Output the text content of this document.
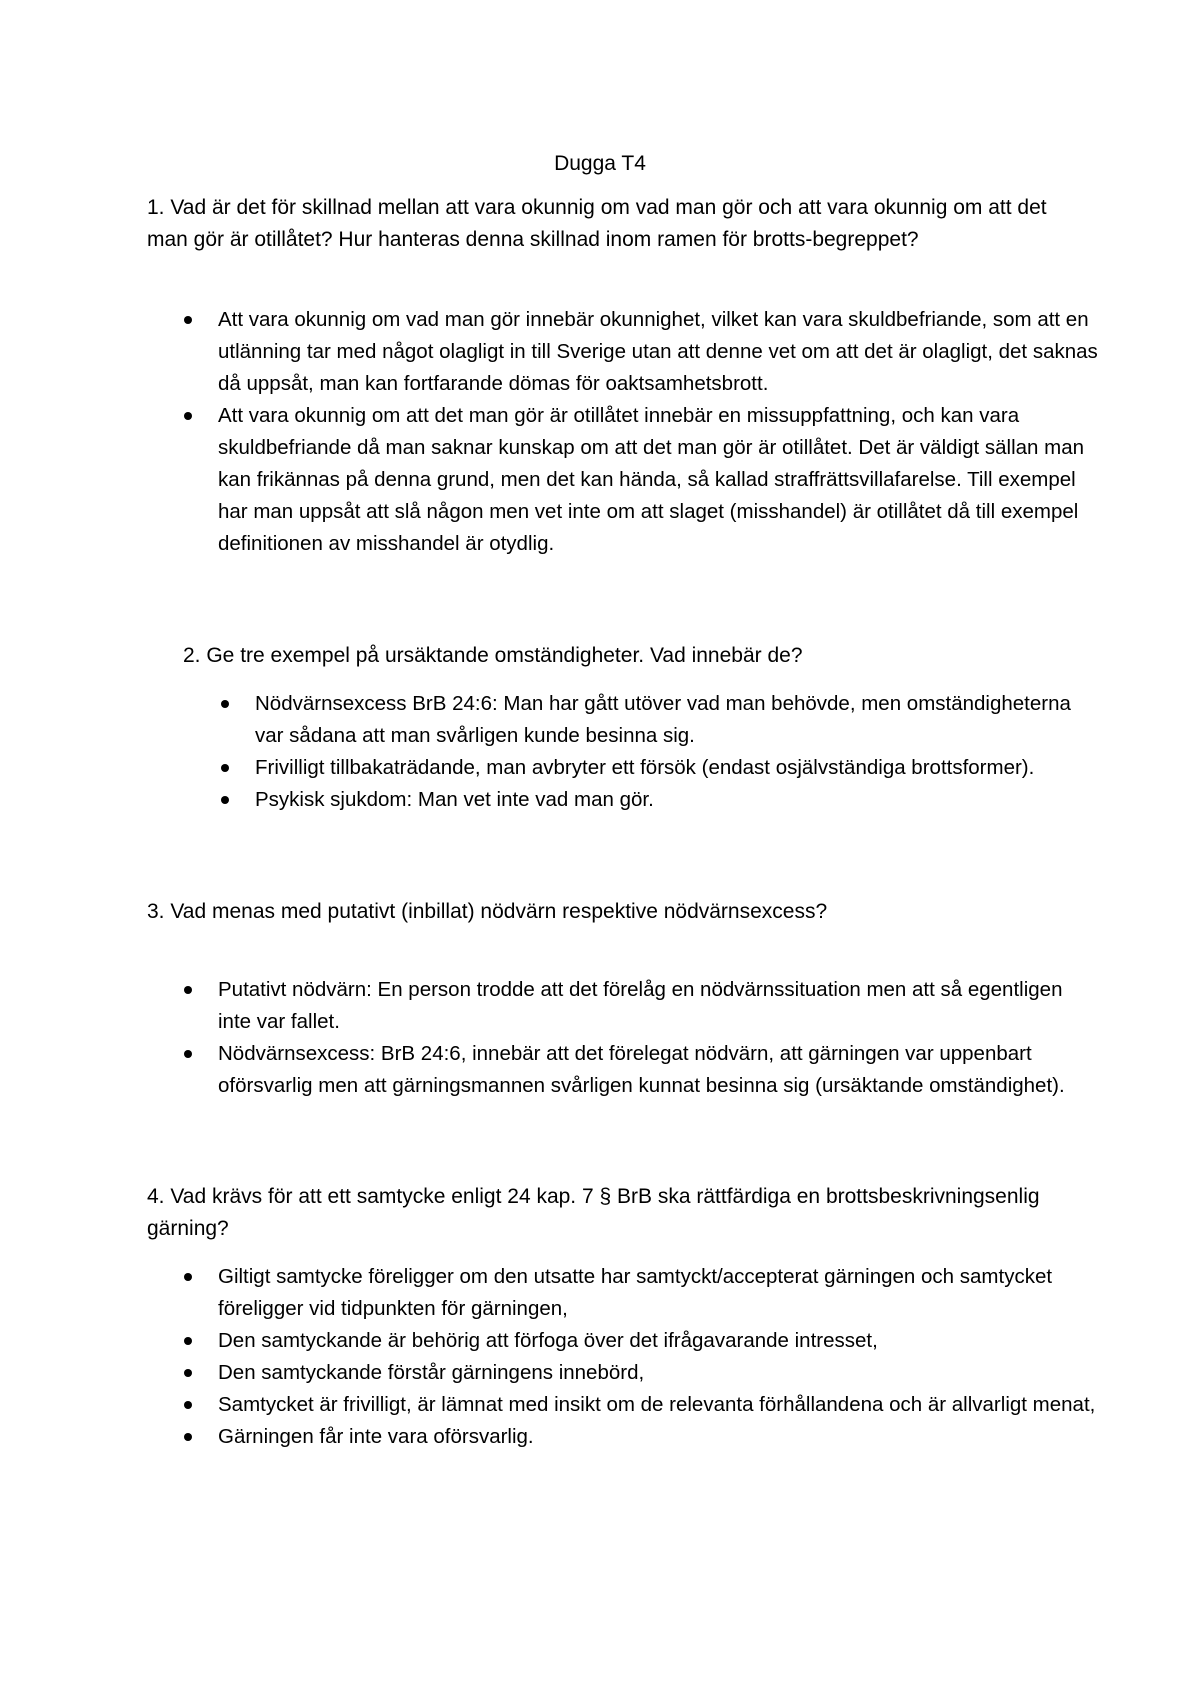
Dugga T4

1. Vad är det för skillnad mellan att vara okunnig om vad man gör och att vara okunnig om att det man gör är otillåtet? Hur hanteras denna skillnad inom ramen för brotts-begreppet?

Att vara okunnig om vad man gör innebär okunnighet, vilket kan vara skuldbefriande, som att en utlänning tar med något olagligt in till Sverige utan att denne vet om att det är olagligt, det saknas då uppsåt, man kan fortfarande dömas för oaktsamhetsbrott.
Att vara okunnig om att det man gör är otillåtet innebär en missuppfattning, och kan vara skuldbefriande då man saknar kunskap om att det man gör är otillåtet. Det är väldigt sällan man kan frikännas på denna grund, men det kan hända, så kallad straffrättsvillafarelse. Till exempel har man uppsåt att slå någon men vet inte om att slaget (misshandel) är otillåtet då till exempel definitionen av misshandel är otydlig.

2. Ge tre exempel på ursäktande omständigheter. Vad innebär de?

Nödvärnsexcess BrB 24:6: Man har gått utöver vad man behövde, men omständigheterna var sådana att man svårligen kunde besinna sig.
Frivilligt tillbakaträdande, man avbryter ett försök (endast osjälvständiga brottsformer).
Psykisk sjukdom: Man vet inte vad man gör.

3. Vad menas med putativt (inbillat) nödvärn respektive nödvärnsexcess?

Putativt nödvärn: En person trodde att det förelåg en nödvärnssituation men att så egentligen inte var fallet.
Nödvärnsexcess: BrB 24:6, innebär att det förelegat nödvärn, att gärningen var uppenbart oförsvarlig men att gärningsmannen svårligen kunnat besinna sig (ursäktande omständighet).

4. Vad krävs för att ett samtycke enligt 24 kap. 7 § BrB ska rättfärdiga en brottsbeskrivningsenlig gärning?

Giltigt samtycke föreligger om den utsatte har samtyckt/accepterat gärningen och samtycket föreligger vid tidpunkten för gärningen,
Den samtyckande är behörig att förfoga över det ifrågavarande intresset,
Den samtyckande förstår gärningens innebörd,
Samtycket är frivilligt, är lämnat med insikt om de relevanta förhållandena och är allvarligt menat,
Gärningen får inte vara oförsvarlig.
